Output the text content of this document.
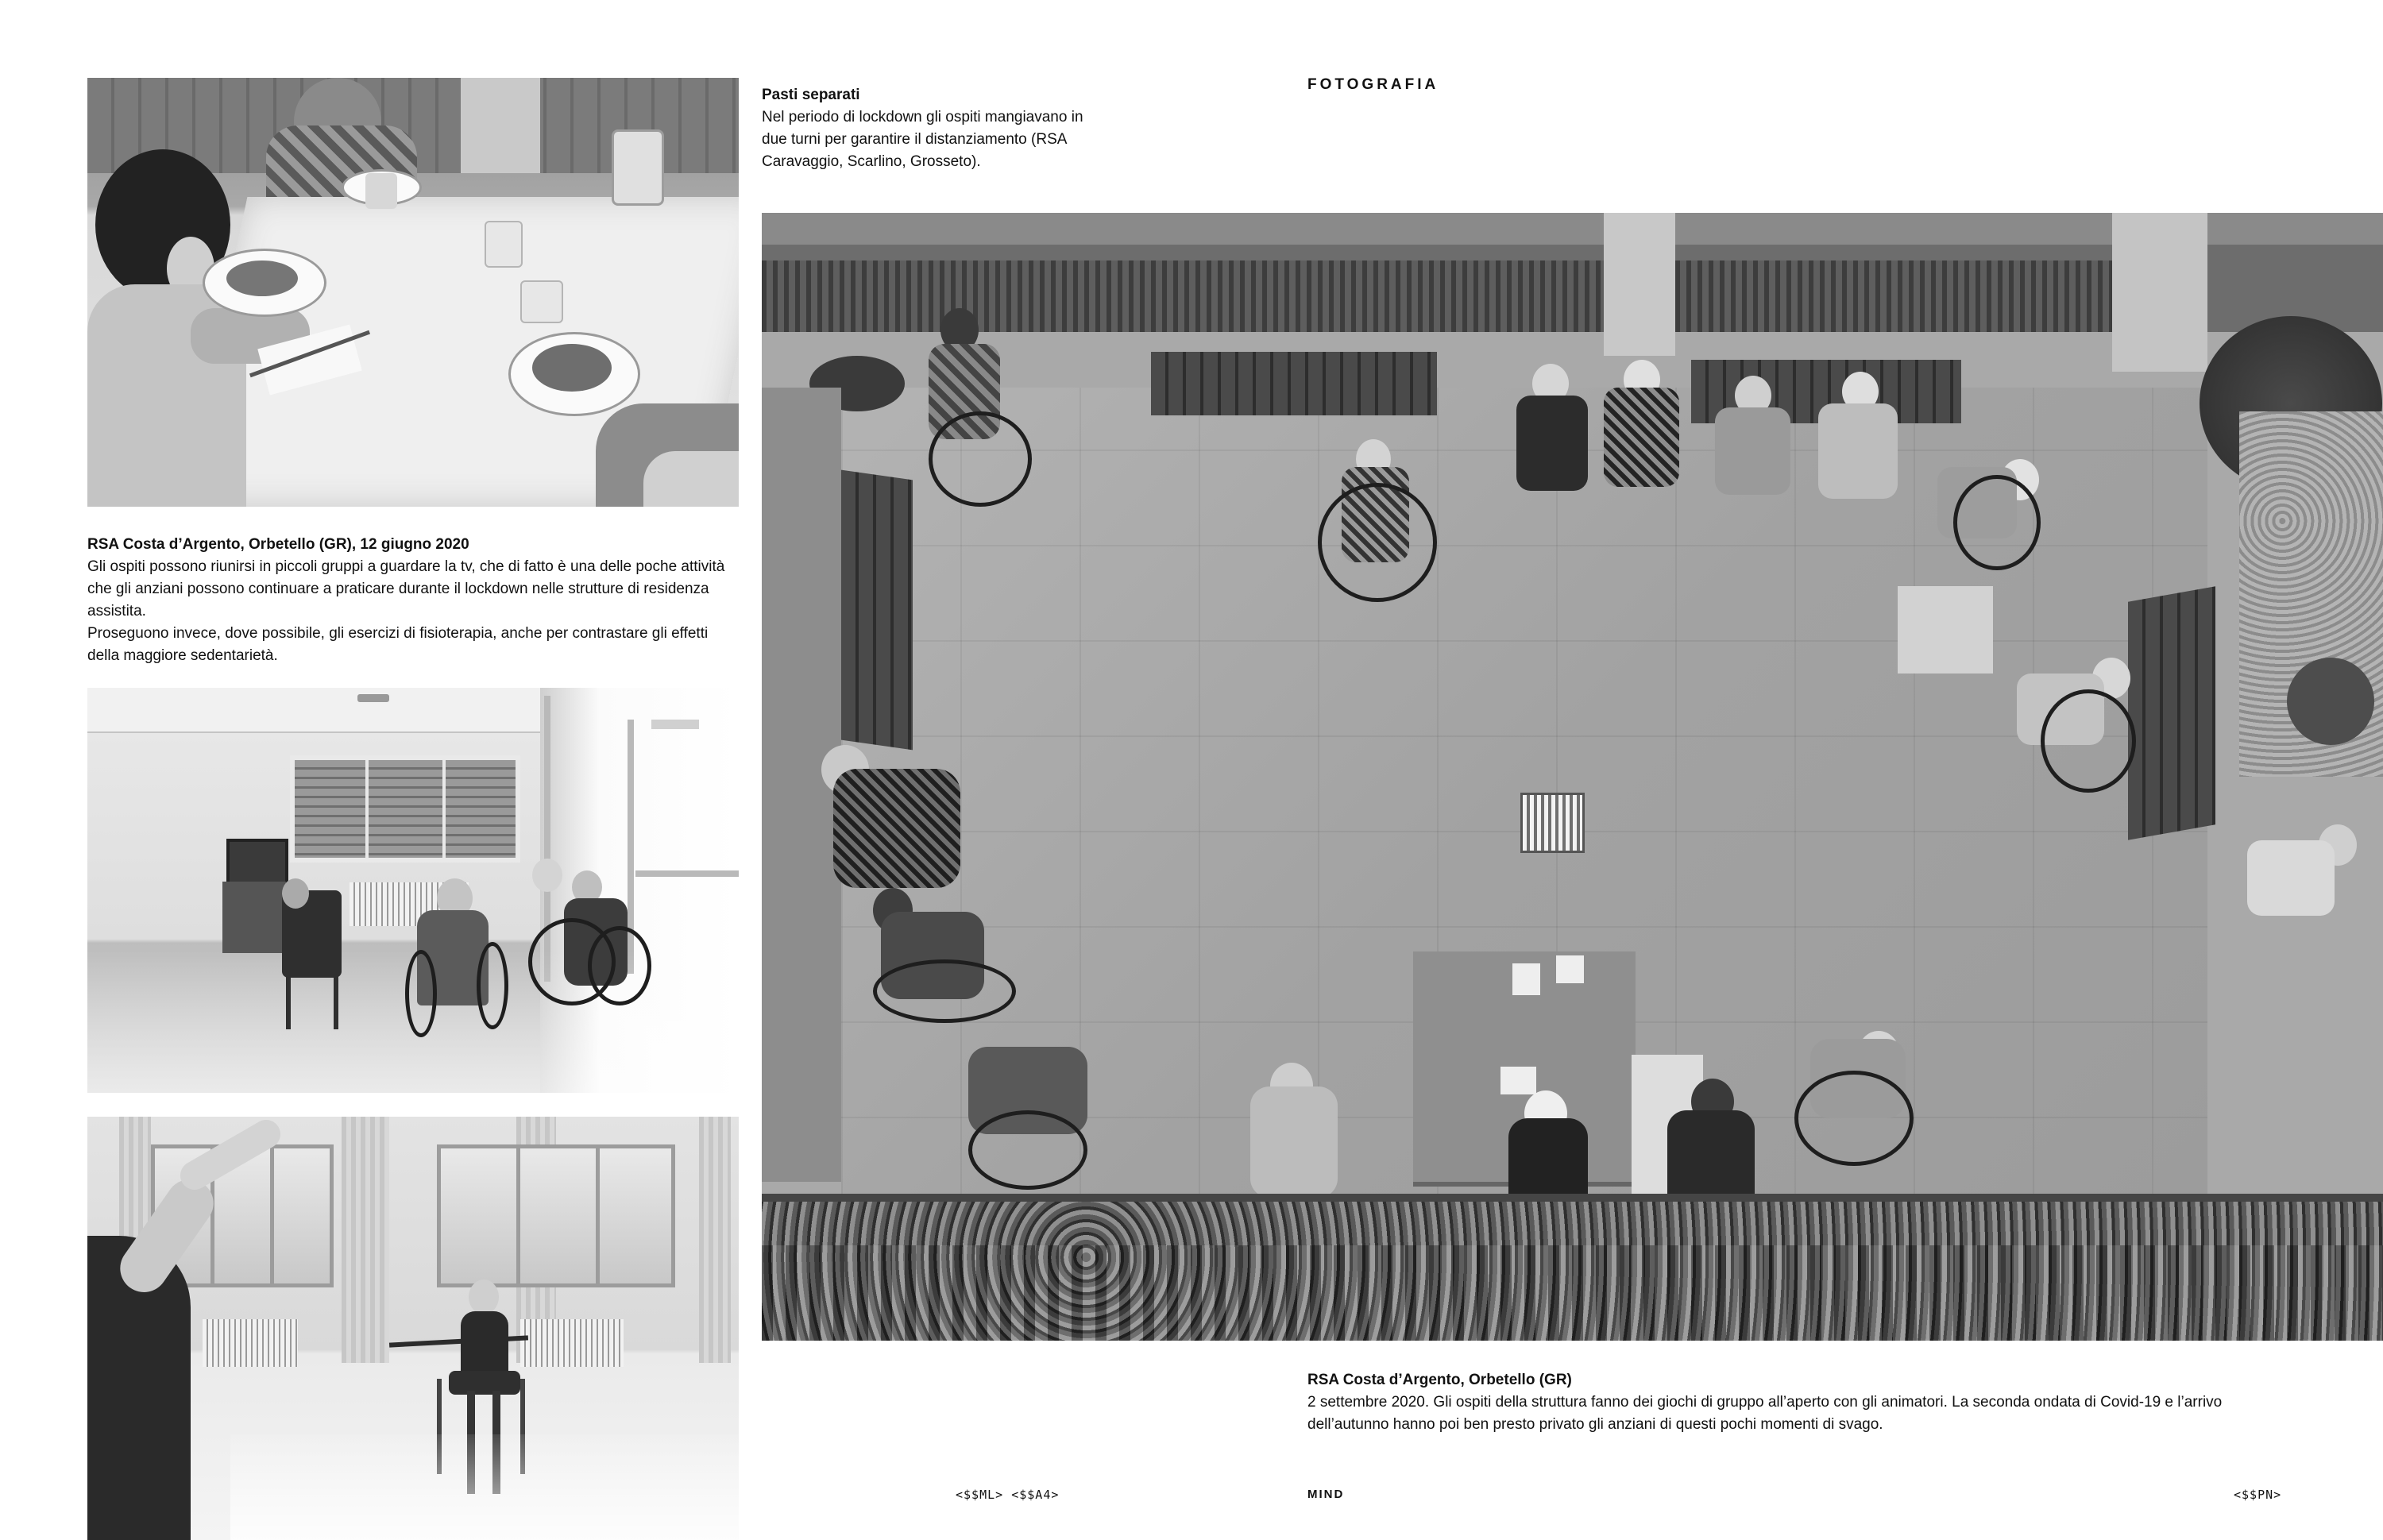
FOTOGRAFIA
Pasti separati

Nel periodo di lockdown gli ospiti mangiavano in due turni per garantire il distanziamento (RSA Caravaggio, Scarlino, Grosseto).

RSA Costa d’Argento, Orbetello (GR), 12 giugno 2020

Gli ospiti possono riunirsi in piccoli gruppi a guardare la tv, che di fatto è una delle poche attività che gli anziani possono continuare a praticare durante il lockdown nelle strutture di residenza assistita.

Proseguono invece, dove possibile, gli esercizi di fisioterapia, anche per contrastare gli effetti della maggiore sedentarietà.

RSA Costa d’Argento, Orbetello (GR)

2 settembre 2020. Gli ospiti della struttura fanno dei giochi di gruppo all’aperto con gli animatori. La seconda ondata di Covid-19 e l’arrivo dell’autunno hanno poi ben presto privato gli anziani di questi pochi momenti di svago.

<$$ML> <$$A4>	MIND	<$$PN>
